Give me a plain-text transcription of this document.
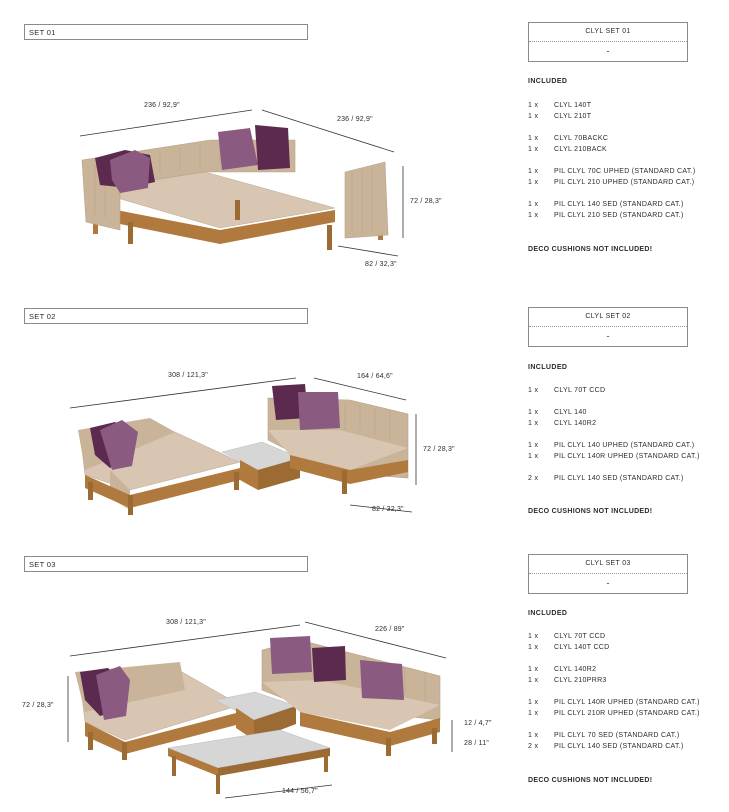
SET 01	CLYL SET 01
-
INCLUDED
1 x CLYL 140T
1 x CLYL 210T
1 x CLYL 70BACKC
1 x CLYL 210BACK
1 x PIL CLYL 70C UPHED (STANDARD CAT.)
1 x PIL CLYL 210 UPHED (STANDARD CAT.)
1 x PIL CLYL 140 SED (STANDARD CAT.)
1 x PIL CLYL 210 SED (STANDARD CAT.)
DECO CUSHIONS NOT INCLUDED!
236 / 92,9"
236 / 92,9"
72 / 28,3"
82 / 32,3"
SET 02	CLYL SET 02
-
INCLUDED
1 x CLYL 70T CCD
1 x CLYL 140
1 x CLYL 140R2
1 x PIL CLYL 140 UPHED (STANDARD CAT.)
1 x PIL CLYL 140R UPHED (STANDARD CAT.)
2 x PIL CLYL 140 SED (STANDARD CAT.)
DECO CUSHIONS NOT INCLUDED!
308 / 121,3"	164 / 64,6"
72 / 28,3"
82 / 32,3"
SET 03	CLYL SET 03
-
INCLUDED
1 x CLYL 70T CCD
1 x CLYL 140T CCD
1 x CLYL 140R2
1 x CLYL 210PRR3
1 x PIL CLYL 140R UPHED (STANDARD CAT.)
1 x PIL CLYL 210R UPHED (STANDARD CAT.)
1 x PIL CLYL 70 SED (STANDARD CAT.)
2 x PIL CLYL 140 SED (STANDARD CAT.)
DECO CUSHIONS NOT INCLUDED!
308 / 121,3"
226 / 89"
72 / 28,3"
12 / 4,7"
28 / 11"
144 / 56,7"
